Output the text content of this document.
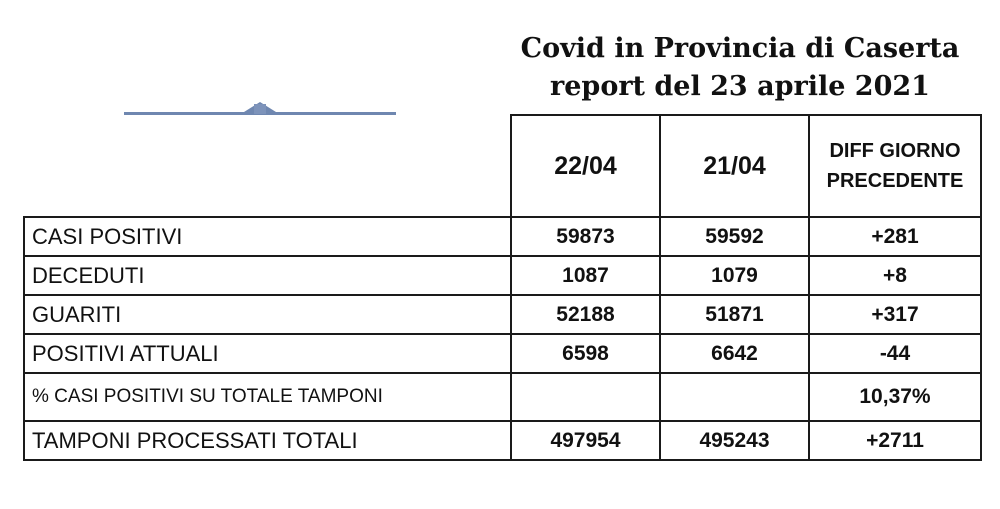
Covid in Provincia di Caserta
report del 23 aprile 2021
	22/04	21/04	DIFF GIORNO
PRECEDENTE

CASI POSITIVI	59873	59592	+281
DECEDUTI	1087	1079	+8
GUARITI	52188	51871	+317
POSITIVI ATTUALI	6598	6642	-44
% CASI POSITIVI SU TOTALE TAMPONI			10,37%
TAMPONI PROCESSATI TOTALI	497954	495243	+2711
